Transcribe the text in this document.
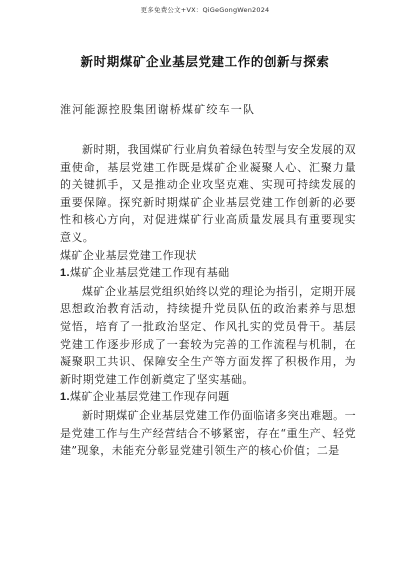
更多免费公文+VX：QiGeGongWen2024
新时期煤矿企业基层党建工作的创新与探索
淮河能源控股集团谢桥煤矿绞车一队

新时期，我国煤矿行业肩负着绿色转型与安全发展的双重使命，基层党建工作既是煤矿企业凝聚人心、汇聚力量的关键抓手，又是推动企业攻坚克难、实现可持续发展的重要保障。探究新时期煤矿企业基层党建工作创新的必要性和核心方向，对促进煤矿行业高质量发展具有重要现实意义。

煤矿企业基层党建工作现状

1.煤矿企业基层党建工作现有基础

煤矿企业基层党组织始终以党的理论为指引，定期开展思想政治教育活动，持续提升党员队伍的政治素养与思想觉悟，培育了一批政治坚定、作风扎实的党员骨干。基层党建工作逐步形成了一套较为完善的工作流程与机制，在凝聚职工共识、保障安全生产等方面发挥了积极作用，为新时期党建工作创新奠定了坚实基础。

1.煤矿企业基层党建工作现存问题

新时期煤矿企业基层党建工作仍面临诸多突出难题。一是党建工作与生产经营结合不够紧密，存在“重生产、轻党建”现象，未能充分彰显党建引领生产的核心价值；二是
